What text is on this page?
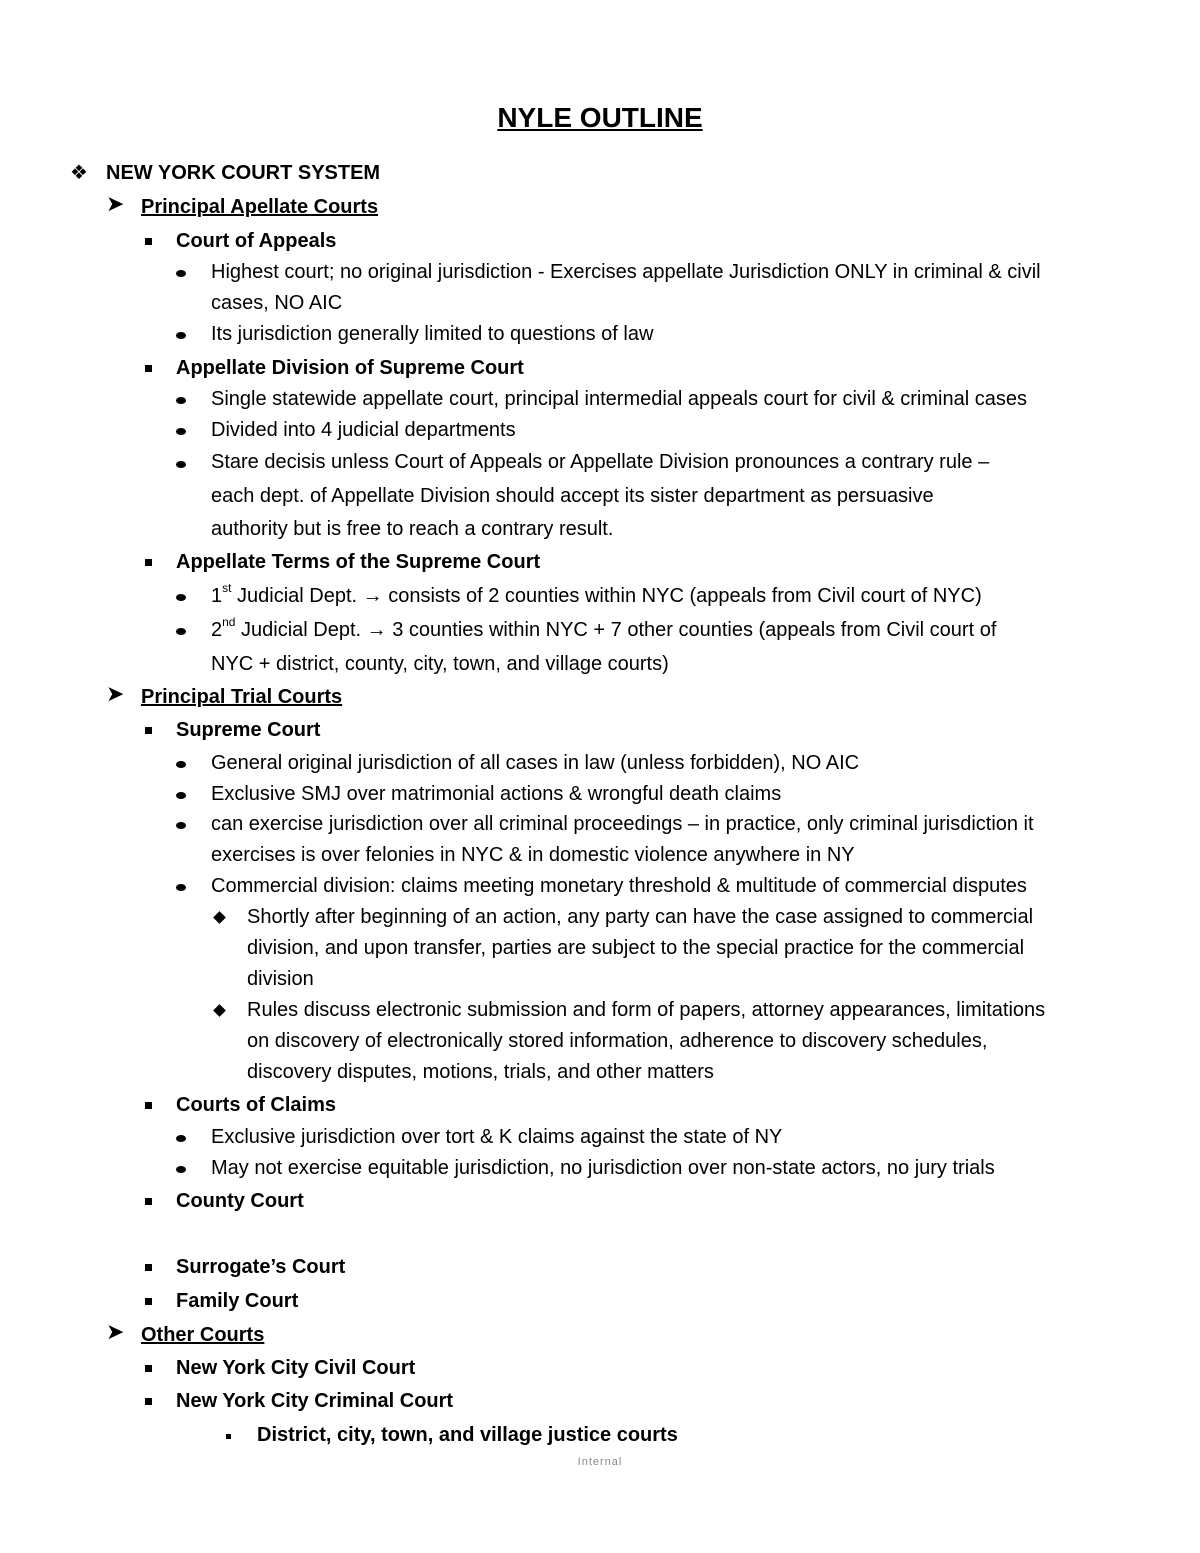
NYLE OUTLINE
❖ NEW YORK COURT SYSTEM
➤ Principal Apellate Courts
Court of Appeals
Highest court; no original jurisdiction - Exercises appellate Jurisdiction ONLY in criminal & civil
cases, NO AIC
Its jurisdiction generally limited to questions of law
Appellate Division of Supreme Court
Single statewide appellate court, principal intermedial appeals court for civil & criminal cases
Divided into 4 judicial departments
Stare decisis unless Court of Appeals or Appellate Division pronounces a contrary rule –
each dept. of Appellate Division should accept its sister department as persuasive
authority but is free to reach a contrary result.
Appellate Terms of the Supreme Court
1st Judicial Dept. → consists of 2 counties within NYC (appeals from Civil court of NYC)
2nd Judicial Dept. → 3 counties within NYC + 7 other counties (appeals from Civil court of
NYC + district, county, city, town, and village courts)
➤ Principal Trial Courts
Supreme Court
General original jurisdiction of all cases in law (unless forbidden), NO AIC
Exclusive SMJ over matrimonial actions & wrongful death claims
can exercise jurisdiction over all criminal proceedings – in practice, only criminal jurisdiction it
exercises is over felonies in NYC & in domestic violence anywhere in NY
Commercial division: claims meeting monetary threshold & multitude of commercial disputes
Shortly after beginning of an action, any party can have the case assigned to commercial
division, and upon transfer, parties are subject to the special practice for the commercial
division
Rules discuss electronic submission and form of papers, attorney appearances, limitations
on discovery of electronically stored information, adherence to discovery schedules,
discovery disputes, motions, trials, and other matters
Courts of Claims
Exclusive jurisdiction over tort & K claims against the state of NY
May not exercise equitable jurisdiction, no jurisdiction over non-state actors, no jury trials
County Court
Surrogate’s Court
Family Court
➤ Other Courts
New York City Civil Court
New York City Criminal Court
District, city, town, and village justice courts
Internal
